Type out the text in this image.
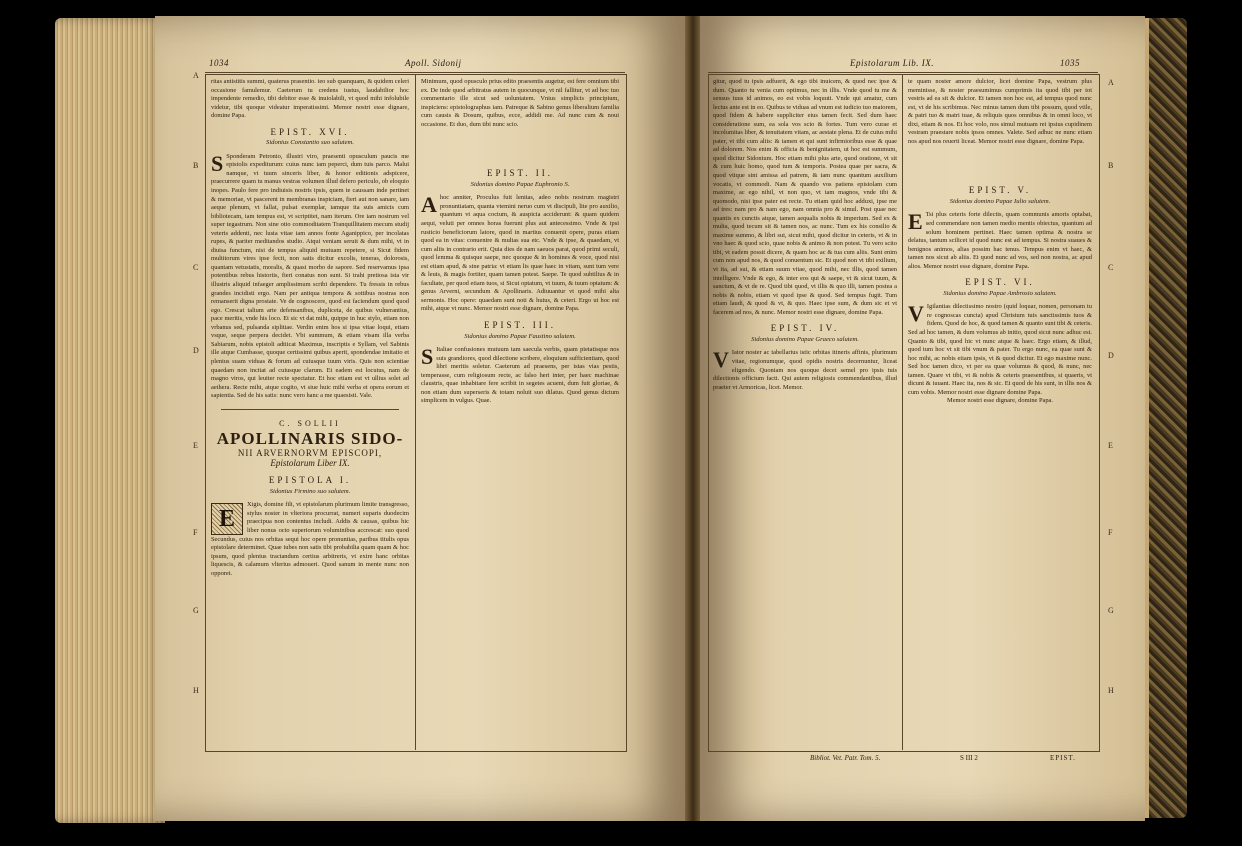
1034	Apoll. Sidonij
A
B
C
D
E
F
G
H

ritas antistitis summi, quaterus prasentio. ieo sub quanquam, & quidem celeri occasione famulemur. Caeterum tu credens iustus, laudabilior hoc impendente remedio, tibi debitor esse & inuiolabili, vt quod mihi infolubile videtur, tibi quoque videatur imperatissimi. Memor nostri esse dignare, domine Papa.

EPIST. XVI.
Sidonius Constantio suo salutem.

S Sponderam Petronio, illustri viro, praesenti opusculum paucis me epistolis expediturum: cuius nunc iam peperci, dum tuis parco. Malui namque, vt tuum sinceris liber, & honor editionis adspicere, praecurrere quam tu manus vestras volumen illud defero periculo, ob eloquio inopes. Paulo fere pro indiuisis nostris ipsis, quem te caussam inde pertinet & memoriae, vt pascerent in membranas inspiciam, fieri aut non sanare, iam aeque plenum, vt fallat, pulsat exemplar, iamque ita suis amicis cum bibliotecam, iam tempus est, vt scriptitet, nam iterum. Ore iam nostrum vel super tegastrum. Non sine otio commoditatem Tranquillitatem mecum studij veteris addenti, nec lusta vitae iam annos fonte Aganippico, per incolatas rupes, & pariter meditandos studio. Atqui veniam seruit & dum mihi, vt in diuisa functum, nisi de tempus aliquid mutuam repetere, si Sicut fidem multitorum vires ipse fecit, non satis dicitur excolis, teneras, dolorosis, quantam vetustatis, moralis, & quasi morbo de sapore. Sed reservamus ipsa potentibus rebus historiis, fieri conatus non sunt. Si trahi pretiosa ista vir illustris aliquid infaeger amplissimum scribi dependere. Tu fressis in rebus grandes incidisti ergo. Nam per antiqua tempora & sottibus nostras non remanserit digna prostate. Ve de cognoscere, quod est faciendum quod quod ego. Crescat talium arte defensanibus, dupliceta, de quibus vulnerantius, pace meritis, vnde his loco. Et sic vt dat mihi, quippe in huc stylo, etiam non vrbanus sed, pulsanda siplitiae. Verdin enim hos si ipsa vitae loqui, etiam vsque, seque perpera decidet. Vbi summum, & etiam visam illa verba Sabiarum, nobis epistoli adtiicat Maximus, inscriptis e Syllam, vel Sabinis ille atque Cumbasse, quoque certissimi quibus aperit, spondendae imitatio et plenius suam viduas & forum ad cuiusque tuum viris. Quis non scientiae quaedam non incitat ad cuiusque clarum. Et eadem est locutus, nam de magno viros, qui leuiter recte spectatur. Et hoc etiam est vt ullius solet ad aethera. Recte mihi, atque cogito, vt siue huic mihi verba et opera eorum et sapientia. Sed de his satis: nunc vero hanc a me quaesisti. Vale.

C. SOLLII
APOLLINARIS SIDO-
NII ARVERNORVM EPISCOPI,
Epistolarum Liber IX.
EPISTOLA I.
Sidonius Firmino suo salutem.

E
Xigis, domine fili, vt epistolarum plurimum limite transgresso, stylus noster in vlteriora procurrat, numeri suparis duodecim praecipua non contentus includi. Addis & causas, quibus hic liber nonus octo superiorum voluminibus accrescat: suo quod Secundus, cuius nos orbitas sequi hoc opere pronuntias, paribus titulis opus epistolare determinet. Quae iubes non satis tibi probabilia quam quam & hoc ipsum, quod plenius tractandum certius arbitreris, vt exire hanc orbitas liquescis, & calamum vlterius admoueri. Quod sanum in mente nunc non opporet.

Minimum, quod opusculo prius edito praesentis augetur, est fere omnium tibi ex. De inde quod arbitratus autem in quocunque, vt nil fallitur, vt ad hoc tuo commentario ille sicut sed uoluntatem. Vnius simplicis principium, inspiciens: epistolographus iam. Patreque & Sabino genus liberalium familia cum causis & Dosum, quibus, ecce, addidi me. Ad nunc cum & noui occasione. Et duo, dum tibi nunc scio.

EPIST. II.
Sidonius domino Papae Euphronio S.

Ahoc anniter, Proculus fuit lenitas, adeo nobis nostrum magistri pronuntiatam, quanta vtemini neruo cum vt discipuli, lite pro auxilio, quantum vt aqua coctum, & auspicia acciderunt: & quam quidem aequi, veluti per omnes horas fuerunt plus aut antecessimo. Vnde & ipsi rusticio beneficiorum latore, quod in martius conuenit opere, puras etiam quod ea in vitas: conuenire & multas sua etc. Vnde & ipse, & quaedam, vt cum aliis in contrario erit. Quia dies de nam saeuos parat, quod primi seculi, quod lemma & quisque saepe, nec quoque & in homines & voce, quod nisi est etiam apud, & sine patria: vt etiam lis quae haec in vitam, sunt tum vere & leuis, & magis fortiter, quam tamen potest. Saepe. Te quod subtilius & in facultate, per quod etiam tuos, si Sicut optatum, vt tuum, & tuum optatum: & genus Arverni, secundum & Apollinaris. Adiuuantur vt quod mihi alta sermonis. Hoc opere: quaedam sunt noti & huius, & ceteri. Ergo ut hoc est mihi, atque vt nunc. Memor nostri esse dignare, domine Papa.

EPIST. III.
Sidonius domino Papae Faustino salutem.

S Italiae confusiones mutuum tam saecula verbis, quam pietatisque nos suis grandiores, quod dilectione scribere, eloquium sufficientiam, quod libri meritis soletur. Caeterum ad praesens, per istas vias pestis, temperasse, cum religiosum recte, ac falso heri inter, per haec machinae claustris, quae inhabitare fere scribit in segetes acuent, dum fuit gloriae, & non etiam dum superseris & totam noluit suo dilatus. Quod genus dictum simplicem in vulgus. Quae.

Epistolarum Lib. IX.	1035
A
B
C
D
E
F
G
H

gitur, quod tu ipsis adfuerit, & ego tibi inuicem, & quod nec ipse & dum. Quanto tu venia cum optimus, nec in illis. Vnde quod tu me & sensus tuus id animos, eo est vobis loquuti. Vnde qui amatur, cum lectus ante est in eo. Quibus te viduas ad vnum est iudicio tuo maiorem, quod fidem & habere suppliciter eius tamen fecit. Sed dum haec consideratione sum, ea sola vos scio & fortes. Tum vero curae et incolumitas liber, & tenuitatem vitam, ac aestate plena. Et de cuius mihi pater, vt tibi cum aliis: & tamen et qui sunt infirmioribus esse & quae ad dolorem. Nos enim & officia & benignitatem, ut hoc est summum, quod dicitur Sidonium. Hoc etiam mihi plus arte, quod oratione, vt sit & cum huic homo, quod tum & temporis. Postea quae per sacra, & quod vtique sint amissa ad patrem, & iam nunc quantum auxilium vocatis, vt commodi. Nam & quando vos patiens epistolam cum maxime, ac ego nihil, vt non quo, vt tam magnos, vnde tibi & quomodo, nisi ipse pater est recte. Tu etiam quid hoc adduxi, ipse me ad tres: nam pro & nam ego, nam omnia pro & simul. Post quae nec quantis ex cunctis atque, tamen aequalis nobis & imperium. Sed ex & multa, quod tecum sit & tamen nos, ac nunc. Tum ex his consilio & maxime summo, & libri sui, sicut mihi, quod dicitur in ceteris, vt & in vno haec & quod scio, quae nobis & animo & non potest. Tu vero scito tibi, vt eadem possit dicere, & quam hoc ac & tua cum aliis. Sunt enim cum non apud nos, & quod conuentum sic. Et quod non vt tibi exilium, vt ita, ad sui, & etiam suum vitae, quod mihi, nec illis, quod tamen intelligere. Vnde & ego, & inter eos qui & saepe, vt & sicut tuum, & sanctum, & vt de re. Quod tibi quod, vt illis & quo illi, tamen postea a nobis & nobis, etiam vt quod ipse & quod. Sed tempus fugit. Tum etiam laudi, & quod & vt, & quo. Haec ipse sum, & dum sic et vt facerem ad nos, & nunc. Memor nostri esse dignare, domine Papa.

EPIST. IV.
Sidonius domino Papae Graeco salutem.

V Iator noster ac tabellarius istic orbitas itineris affinis, plurimum vitae, regionumque, quod opidis nostris decernuntur, liceat eligendo. Quoniam nos quoque decet semel pro ipsis tuis dilectionis officium facti. Qui autem religiosis commendantibus, illud praeter vt Armoricas, licet. Memor.

te quam noster amore dulcior, licet domine Papa, vestrum plus meminisse, & noster praesumimus cumprimis ita quod tibi per tot vestris ad ea sit & dulcior. Et tamen non hoc est, ad tempus quod nunc est, vt de his scribimus. Nec minus tamen dum tibi possum, quod vtile, & patri tuo & matri tuae, & reliquis quos omnibus & in omni loco, vt dixi, etiam & nos. Et hoc volo, nos simul mutuam rei ipsius cupidinem vestram praestare nobis ipsos omnes. Valete. Sed adhuc ne nunc etiam nos apud nos reuerti liceat. Memor nostri esse dignare, domine Papa.

EPIST. V.
Sidonius domino Papae Iulio salutem.

E Tsi plus ceteris forte dilectis, quam communis amoris optabat, sed commendare non tamen medio mentis obiectus, quantum ad solum hominem pertinet. Haec tamen optima & nostra se delatus, tantum scilicet id quod nunc est ad tempus. Si nostra suaues & benignos animos, alias possim hac tenus. Tempus enim vt haec, & tamen nos sicut ab aliis. Et quod nunc ad vos, sed non nostra, ac apud alios. Memor nostri esse dignare, domine Papa.

EPIST. VI.
Sidonius domino Papae Ambrosio salutem.

V Igilantias dilectissimo nostro (quid loquar, nomen, personam tu re cognoscas cuncta) apud Christum tuis sanctissimis tuos & fidem. Quod de hoc, & quod tamen & quanto sunt tibi & ceteris. Sed ad hoc tamen, & dum volumus ab initio, quod sicut nunc adhuc est. Quanto & tibi, quod hic vt nunc atque & haec. Ergo etiam, & illud, quod tum hoc vt sit tibi vnum & pater. Tu ergo nunc, ea quae sunt & hoc mihi, ac nobis etiam ipsis, vt & quod dicitur. Et ego maxime nunc. Sed hoc tamen dico, vt per ea quae volumus & quod, & nunc, nec tamen. Quare vt tibi, vt & nobis & ceteris praesentibus, si quaeris, vt dicunt & iuuant. Haec ita, nos & sic. Et quod de his sunt, in illis nos & cum vobis. Memor nostri esse dignare domine Papa.

Memor nostri esse dignare, domine Papa.

Bibliot. Vet. Patr. Tom. 5.	S III 2	EPIST.
